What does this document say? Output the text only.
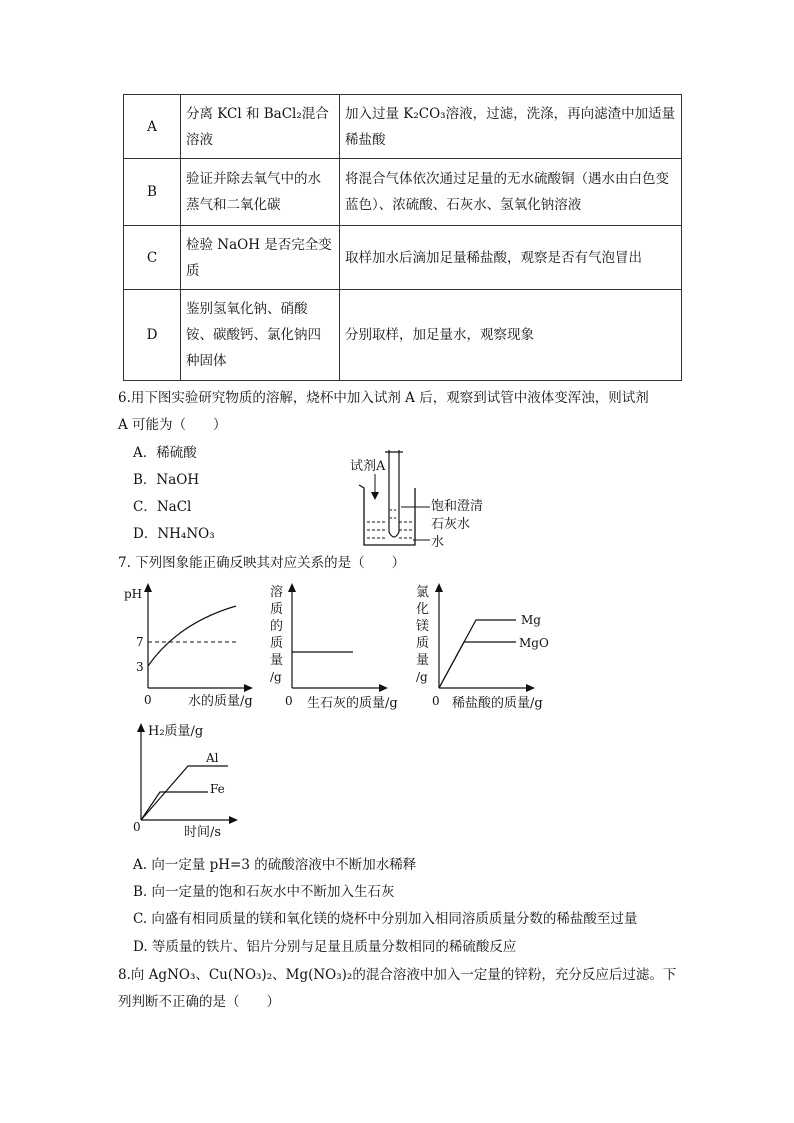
A	分离 KCl 和 BaCl₂混合溶液	加入过量 K₂CO₃溶液，过滤，洗涤，再向滤渣中加适量稀盐酸
B	验证并除去氧气中的水蒸气和二氧化碳	将混合气体依次通过足量的无水硫酸铜（遇水由白色变蓝色）、浓硫酸、石灰水、氢氧化钠溶液
C	检验 NaOH 是否完全变质	取样加水后滴加足量稀盐酸，观察是否有气泡冒出
D	鉴别氢氧化钠、硝酸铵、碳酸钙、氯化钠四种固体	分别取样，加足量水，观察现象
6.用下图实验研究物质的溶解，烧杯中加入试剂 A 后，观察到试管中液体变浑浊，则试剂
A 可能为（　　）
A．稀硫酸
B．NaOH
C．NaCl
D．NH₄NO₃
试剂A
饱和澄清
石灰水
水
7. 下列图象能正确反映其对应关系的是（　　）
pH
7
3
0	水的质量/g
溶
质
的
质
量
/g
0 生石灰的质量/g
氯
化
镁
质
量
/g
Mg
MgO
0 稀盐酸的质量/g
H₂质量/g
Al
Fe
0	时间/s
A. 向一定量 pH=3 的硫酸溶液中不断加水稀释
B. 向一定量的饱和石灰水中不断加入生石灰
C. 向盛有相同质量的镁和氧化镁的烧杯中分别加入相同溶质质量分数的稀盐酸至过量
D. 等质量的铁片、铝片分别与足量且质量分数相同的稀硫酸反应
8.向 AgNO₃、Cu(NO₃)₂、Mg(NO₃)₂的混合溶液中加入一定量的锌粉，充分反应后过滤。下
列判断不正确的是（　　）
